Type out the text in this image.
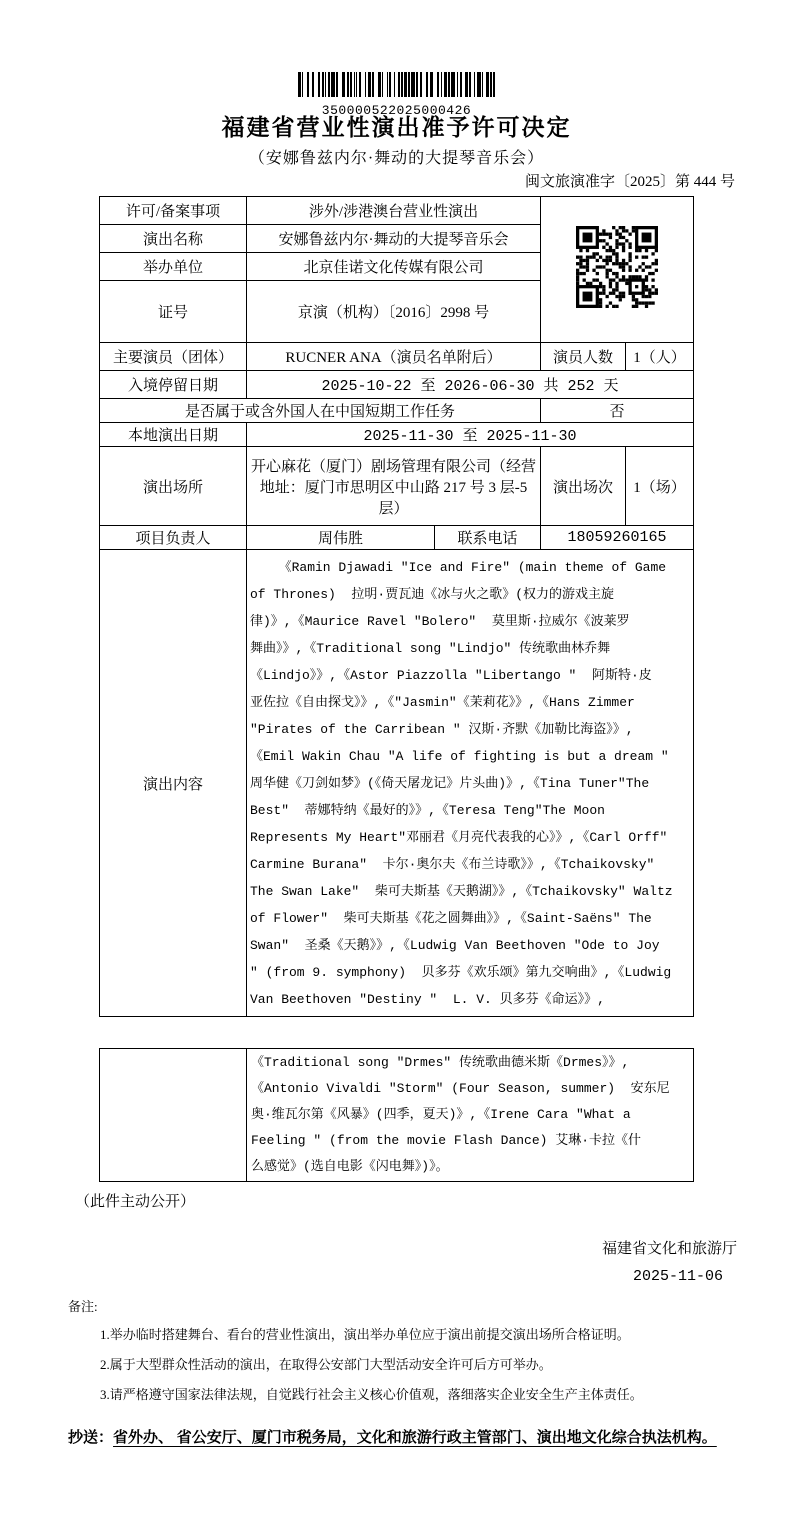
350000522025000426
福建省营业性演出准予许可决定
（安娜鲁兹内尔·舞动的大提琴音乐会）
闽文旅演准字〔2025〕第 444 号
许可/备案事项	涉外/涉港澳台营业性演出	
演出名称	安娜鲁兹内尔·舞动的大提琴音乐会			
举办单位	北京佳诺文化传媒有限公司			
证号	京演（机构）〔2016〕2998 号			
主要演员（团体）	RUCNER ANA（演员名单附后）		演员人数	1（人）
入境停留日期	2025-10-22 至 2026-06-30 共 252 天			
是否属于或含外国人在中国短期工作任务			否	
本地演出日期	2025-11-30 至 2025-11-30			
演出场所	开心麻花（厦门）剧场管理有限公司（经营地址：厦门市思明区中山路 217 号 3 层-5 层）		演出场次	1（场）
项目负责人	周伟胜	联系电话	18059260165	
演出内容	
《Ramin Djawadi "Ice and Fire" (main theme of Game
of Thrones)  拉明·贾瓦迪《冰与火之歌》(权力的游戏主旋
律)》,《Maurice Ravel "Bolero"  莫里斯·拉威尔《波莱罗
舞曲》》,《Traditional song "Lindjo" 传统歌曲林乔舞
《Lindjo》》,《Astor Piazzolla "Libertango "  阿斯特·皮
亚佐拉《自由探戈》》,《"Jasmin"《茉莉花》》,《Hans Zimmer
"Pirates of the Carribean " 汉斯·齐默《加勒比海盗》》,
《Emil Wakin Chau "A life of fighting is but a dream "
周华健《刀剑如梦》(《倚天屠龙记》片头曲)》,《Tina Tuner"The
Best"  蒂娜特纳《最好的》》,《Teresa Teng"The Moon
Represents My Heart"邓丽君《月亮代表我的心》》,《Carl Orff"
Carmine Burana"  卡尔·奥尔夫《布兰诗歌》》,《Tchaikovsky"
The Swan Lake"  柴可夫斯基《天鹅湖》》,《Tchaikovsky" Waltz
of Flower"  柴可夫斯基《花之圆舞曲》》,《Saint-Saëns" The
Swan"  圣桑《天鹅》》,《Ludwig Van Beethoven "Ode to Joy
" (from 9. symphony)  贝多芬《欢乐颂》第九交响曲》,《Ludwig
Van Beethoven "Destiny "  L. V. 贝多芬《命运》》,

《Traditional song "Drmes" 传统歌曲德米斯《Drmes》》,
《Antonio Vivaldi "Storm" (Four Season, summer)  安东尼
奥·维瓦尔第《风暴》(四季，夏天)》,《Irene Cara "What a
Feeling " (from the movie Flash Dance) 艾琳·卡拉《什
么感觉》(选自电影《闪电舞》)》。
（此件主动公开）
福建省文化和旅游厅
2025-11-06
备注:
1.举办临时搭建舞台、看台的营业性演出，演出举办单位应于演出前提交演出场所合格证明。
2.属于大型群众性活动的演出，在取得公安部门大型活动安全许可后方可举办。
3.请严格遵守国家法律法规，自觉践行社会主义核心价值观，落细落实企业安全生产主体责任。
抄送：省外办、 省公安厅、厦门市税务局，文化和旅游行政主管部门、演出地文化综合执法机构。
